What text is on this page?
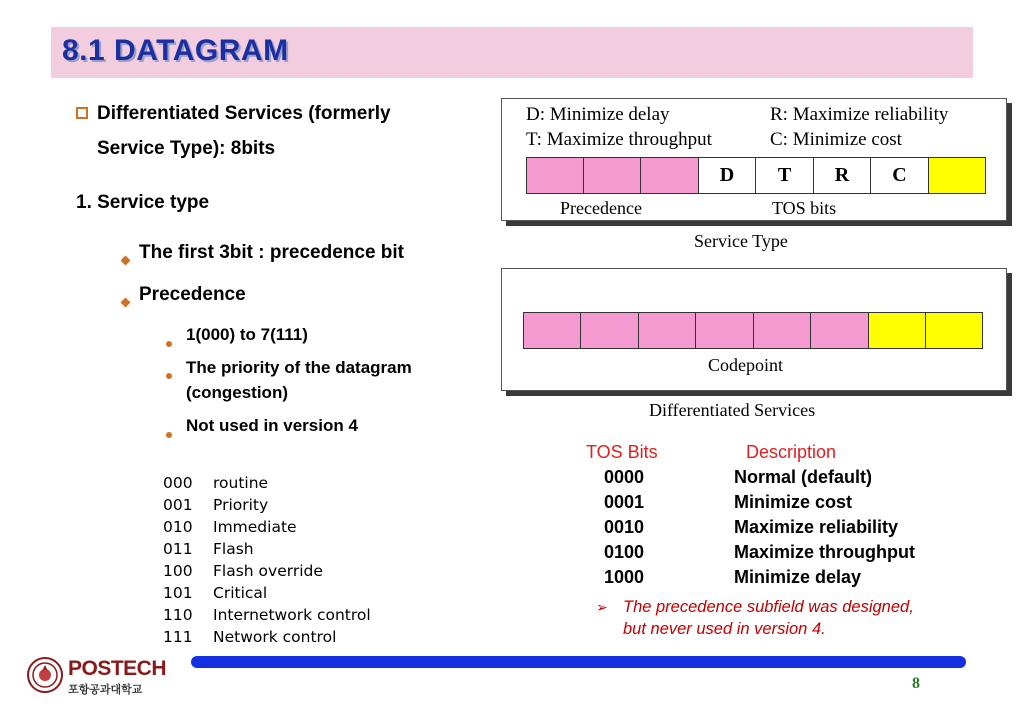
8.1 DATAGRAM
Differentiated Services (formerly
Service Type): 8bits
1. Service type
The first 3bit : precedence bit
Precedence
1(000) to 7(111)
The priority of the datagram
(congestion)
Not used in version 4
000	routine
001	Priority
010	Immediate
011	Flash
100	Flash override
101	Critical
110	Internetwork control
111	Network control
D: Minimize delay	R: Maximize reliability
T: Maximize throughput	C: Minimize cost
D	T	R	C
Precedence	TOS bits
Service Type
Codepoint
Differentiated Services
TOS Bits	Description
0000	Normal (default)
0001	Minimize cost
0010	Maximize reliability
0100	Maximize throughput
1000	Minimize delay
➢ The precedence subfield was designed,
but never used in version 4.
POSTECH
포항공과대학교	8
